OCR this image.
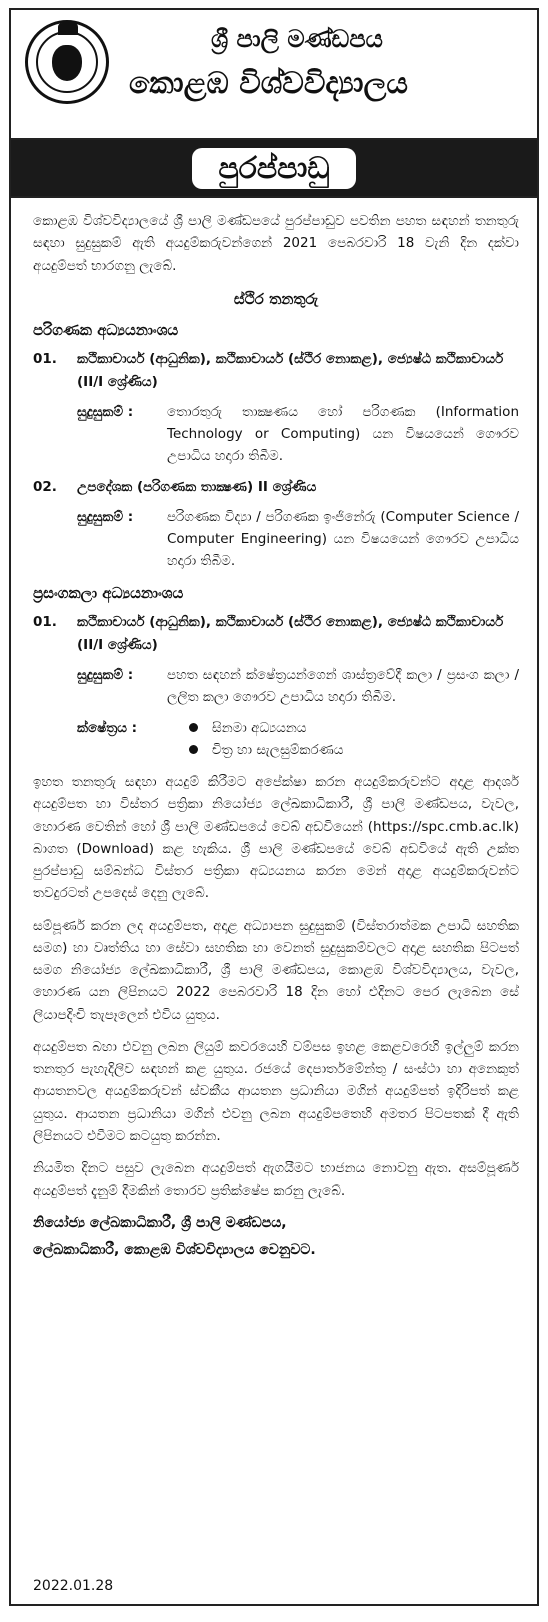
ශ්‍රී පාලි මණ්ඩපය
කොළඹ විශ්වවිද්‍යාලය
පුරප්පාඩු

කොළඹ විශ්වවිද්‍යාලයේ ශ්‍රී පාලි මණ්ඩපයේ පුරප්පාඩුව පවතින පහත සඳහන් තනතුරු සඳහා සුදුසුකම් ඇති අයදුම්කරුවන්ගෙන් 2021 පෙබරවාරි 18 වැනි දින දක්වා අයදුම්පත් භාරගනු ලැබේ.

ස්ථිර තනතුරු
පරිගණක අධ්‍යයනාංශය
01.	කථිකාචාර්ය (ආධුනික), කථිකාචාර්ය (ස්ථිර නොකළ), ජ්‍යෙෂ්ඨ කථිකාචාර්ය (II/I ශ්‍රේණිය)
සුදුසුකම් :	තොරතුරු තාක්‍ෂණය හෝ පරිගණක (Information Technology or Computing) යන විෂයයෙන් ගෞරව උපාධිය හදාරා තිබීම.
02.	උපදේශක (පරිගණක තාක්‍ෂණ) II ශ්‍රේණිය
සුදුසුකම් :	පරිගණක විද්‍යා / පරිගණක ඉංජිනේරු (Computer Science / Computer Engineering) යන විෂයයෙන් ගෞරව උපාධිය හදාරා තිබීම.
ප්‍රසංගකලා අධ්‍යයනාංශය
01.	කථිකාචාර්ය (ආධුනික), කථිකාචාර්ය (ස්ථිර නොකළ), ජ්‍යෙෂ්ඨ කථිකාචාර්ය (II/I ශ්‍රේණිය)
සුදුසුකම් :	පහත සඳහන් ක්ෂේත්‍රයන්ගෙන් ශාස්ත්‍රවේදී කලා / ප්‍රසංග කලා / ලලිත කලා ගෞරව උපාධිය හදාරා තිබීම.
ක්ෂේත්‍රය :	සිනමා අධ්‍යයනය
චිත්‍ර හා සැලසුම්කරණය

ඉහත තනතුරු සඳහා අයදුම් කිරීමට අපේක්ෂා කරන අයදුම්කරුවන්ට අදාළ ආදර්ශ අයදුම්පත හා විස්තර පත්‍රිකා නියෝජ්‍ය ලේඛකාධිකාරී, ශ්‍රී පාලි මණ්ඩපය, වැවල, හොරණ වෙතින් හෝ ශ්‍රී පාලි මණ්ඩපයේ වෙබ් අඩවියෙන් (https://spc.cmb.ac.lk) බාගත (Download) කළ හැකිය. ශ්‍රී පාලි මණ්ඩපයේ වෙබ් අඩවියේ ඇති උක්ත පුරප්පාඩු සම්බන්ධ විස්තර පත්‍රිකා අධ්‍යයනය කරන මෙන් අදාළ අයදුම්කරුවන්ට තවදුරටත් උපදෙස් දෙනු ලැබේ.

සම්පූර්ණ කරන ලද අයදුම්පත, අදාළ අධ්‍යාපන සුදුසුකම් (විස්තරාත්මක උපාධි සහතික සමග) හා වෘත්තිය හා සේවා සහතික හා වෙනත් සුදුසුකම්වලට අදාළ සහතික පිටපත් සමග නියෝජ්‍ය ලේඛකාධිකාරී, ශ්‍රී පාලි මණ්ඩපය, කොළඹ විශ්වවිද්‍යාලය, වැවල, හොරණ යන ලිපිනයට 2022 පෙබරවාරි 18 දින හෝ එදිනට පෙර ලැබෙන සේ ලියාපදිංචි තැපෑලෙන් එවිය යුතුය.

අයදුම්පත බහා එවනු ලබන ලියුම් කවරයෙහි වම්පස ඉහළ කෙළවරෙහි ඉල්ලුම් කරන තනතුර පැහැදිලිව සඳහන් කළ යුතුය. රජයේ දෙපාර්තමේන්තු / සංස්ථා හා අනෙකුත් ආයතනවල අයදුම්කරුවන් ස්වකීය ආයතන ප්‍රධානියා මගින් අයදුම්පත් ඉදිරිපත් කළ යුතුය. ආයතන ප්‍රධානියා මගින් එවනු ලබන අයදුම්පතෙහි අමතර පිටපතක් දී ඇති ලිපිනයට එවීමට කටයුතු කරන්න.

නියමිත දිනට පසුව ලැබෙන අයදුම්පත් ඇගයීමට භාජනය නොවනු ඇත. අසම්පූර්ණ අයදුම්පත් දැනුම් දීමකින් තොරව ප්‍රතික්ෂේප කරනු ලැබේ.

නියෝජ්‍ය ලේඛකාධිකාරී, ශ්‍රී පාලි මණ්ඩපය,
ලේඛකාධිකාරී, කොළඹ විශ්වවිද්‍යාලය වෙනුවට.
2022.01.28
